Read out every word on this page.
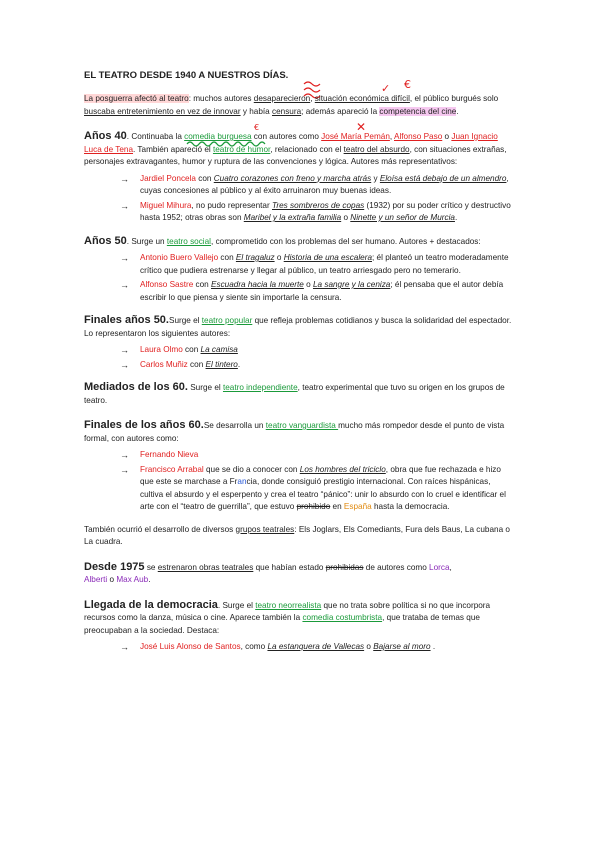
✓ €
€	✕
EL TEATRO DESDE 1940 A NUESTROS DÍAS.

La posguerra afectó al teatro: muchos autores desaparecieron, situación económica difícil, el público burgués solo buscaba entretenimiento en vez de innovar y había censura; además apareció la competencia del cine.

Años 40. Continuaba la comedia burguesa con autores como José María Pemán, Alfonso Paso o Juan Ignacio Luca de Tena. También apareció el teatro de humor, relacionado con el teatro del absurdo, con situaciones extrañas, personajes extravagantes, humor y ruptura de las convenciones y lógica. Autores más representativos:

→ Jardiel Poncela con Cuatro corazones con freno y marcha atrás y Eloísa está debajo de un almendro, cuyas concesiones al público y al éxito arruinaron muy buenas ideas.
→ Miguel Mihura, no pudo representar Tres sombreros de copas (1932) por su poder crítico y destructivo hasta 1952; otras obras son Maribel y la extraña familia o Ninette y un señor de Murcia.

Años 50. Surge un teatro social, comprometido con los problemas del ser humano. Autores + destacados:

→ Antonio Buero Vallejo con El tragaluz o Historia de una escalera; él planteó un teatro moderadamente crítico que pudiera estrenarse y llegar al público, un teatro arriesgado pero no temerario.
→ Alfonso Sastre con Escuadra hacia la muerte o La sangre y la ceniza; él pensaba que el autor debía escribir lo que piensa y siente sin importarle la censura.

Finales años 50.Surge el teatro popular que refleja problemas cotidianos y busca la solidaridad del espectador. Lo representaron los siguientes autores:

→ Laura Olmo con La camisa
→ Carlos Muñiz con El tintero.

Mediados de los 60. Surge el teatro independiente, teatro experimental que tuvo su origen en los grupos de teatro.

Finales de los años 60.Se desarrolla un teatro vanguardista mucho más rompedor desde el punto de vista formal, con autores como:

→ Fernando Nieva
→ Francisco Arrabal que se dio a conocer con Los hombres del triciclo, obra que fue rechazada e hizo que este se marchase a Francia, donde consiguió prestigio internacional. Con raíces hispánicas, cultiva el absurdo y el esperpento y crea el teatro “pánico”: unir lo absurdo con lo cruel e identificar el arte con el “teatro de guerrilla”, que estuvo prohibido en España hasta la democracia.

También ocurrió el desarrollo de diversos grupos teatrales: Els Joglars, Els Comediants, Fura dels Baus, La cubana o La cuadra.

Desde 1975 se estrenaron obras teatrales que habían estado prohibidas de autores como Lorca,
Alberti o Max Aub.

Llegada de la democracia. Surge el teatro neorrealista que no trata sobre política si no que incorpora recursos como la danza, música o cine. Aparece también la comedia costumbrista, que trataba de temas que preocupaban a la sociedad. Destaca:

→ José Luis Alonso de Santos, como La estanquera de Vallecas o Bajarse al moro .
